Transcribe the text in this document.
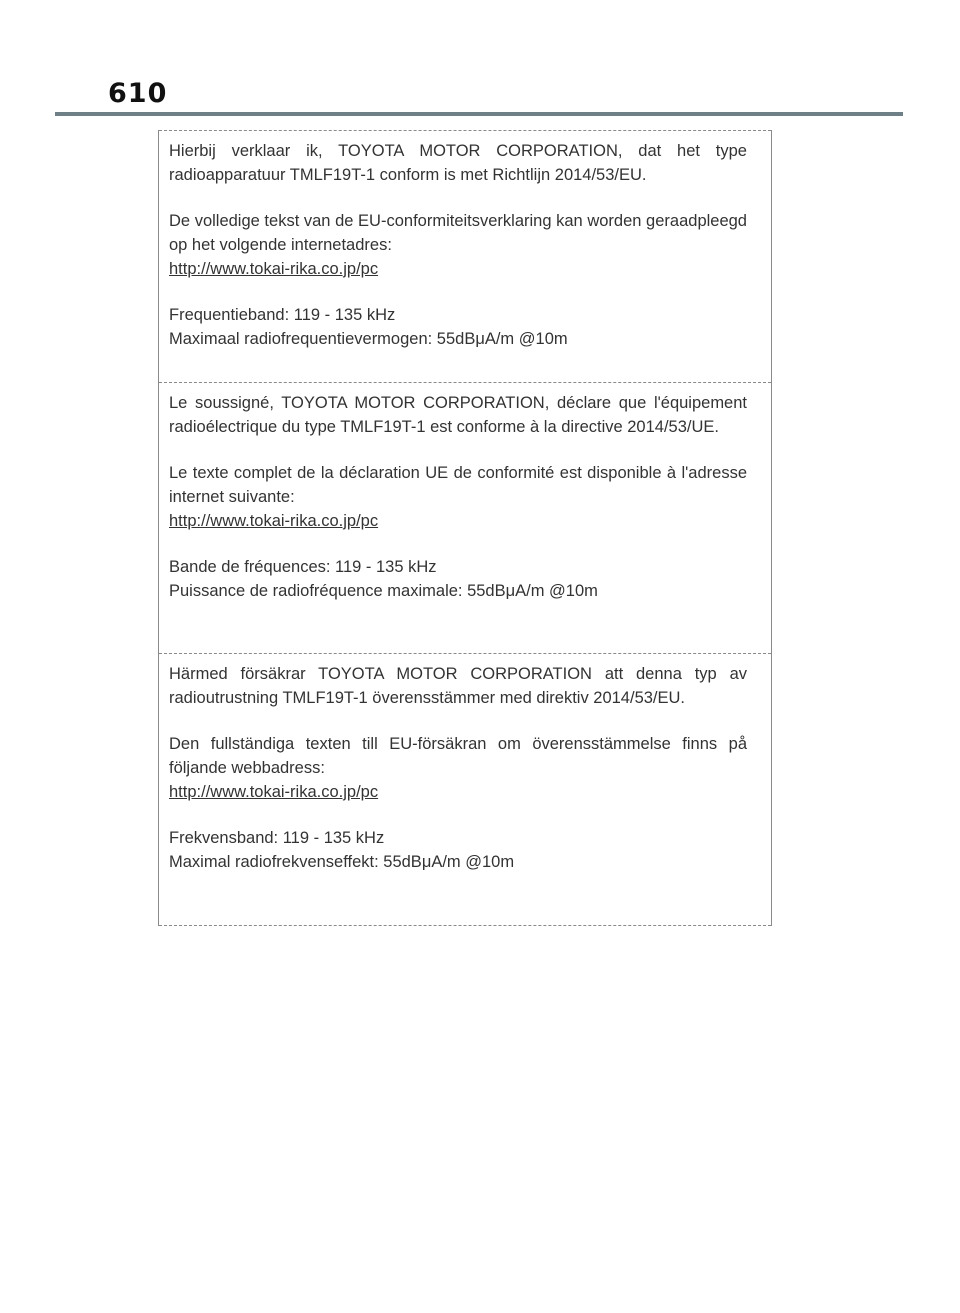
610

Hierbij verklaar ik, TOYOTA MOTOR CORPORATION, dat het type radioapparatuur TMLF19T-1 conform is met Richtlijn 2014/53/EU.

De volledige tekst van de EU-conformiteitsverklaring kan worden geraadpleegd op het volgende internetadres:
http://www.tokai-rika.co.jp/pc

Frequentieband: 119 - 135 kHz
Maximaal radiofrequentievermogen: 55dBμA/m @10m

Le soussigné, TOYOTA MOTOR CORPORATION, déclare que l'équipement radioélectrique du type TMLF19T-1 est conforme à la directive 2014/53/UE.

Le texte complet de la déclaration UE de conformité est disponible à l'adresse internet suivante:
http://www.tokai-rika.co.jp/pc

Bande de fréquences: 119 - 135 kHz
Puissance de radiofréquence maximale: 55dBμA/m @10m

Härmed försäkrar TOYOTA MOTOR CORPORATION att denna typ av radioutrustning TMLF19T-1 överensstämmer med direktiv 2014/53/EU.

Den fullständiga texten till EU-försäkran om överensstämmelse finns på följande webbadress:
http://www.tokai-rika.co.jp/pc

Frekvensband: 119 - 135 kHz
Maximal radiofrekvenseffekt: 55dBμA/m @10m
